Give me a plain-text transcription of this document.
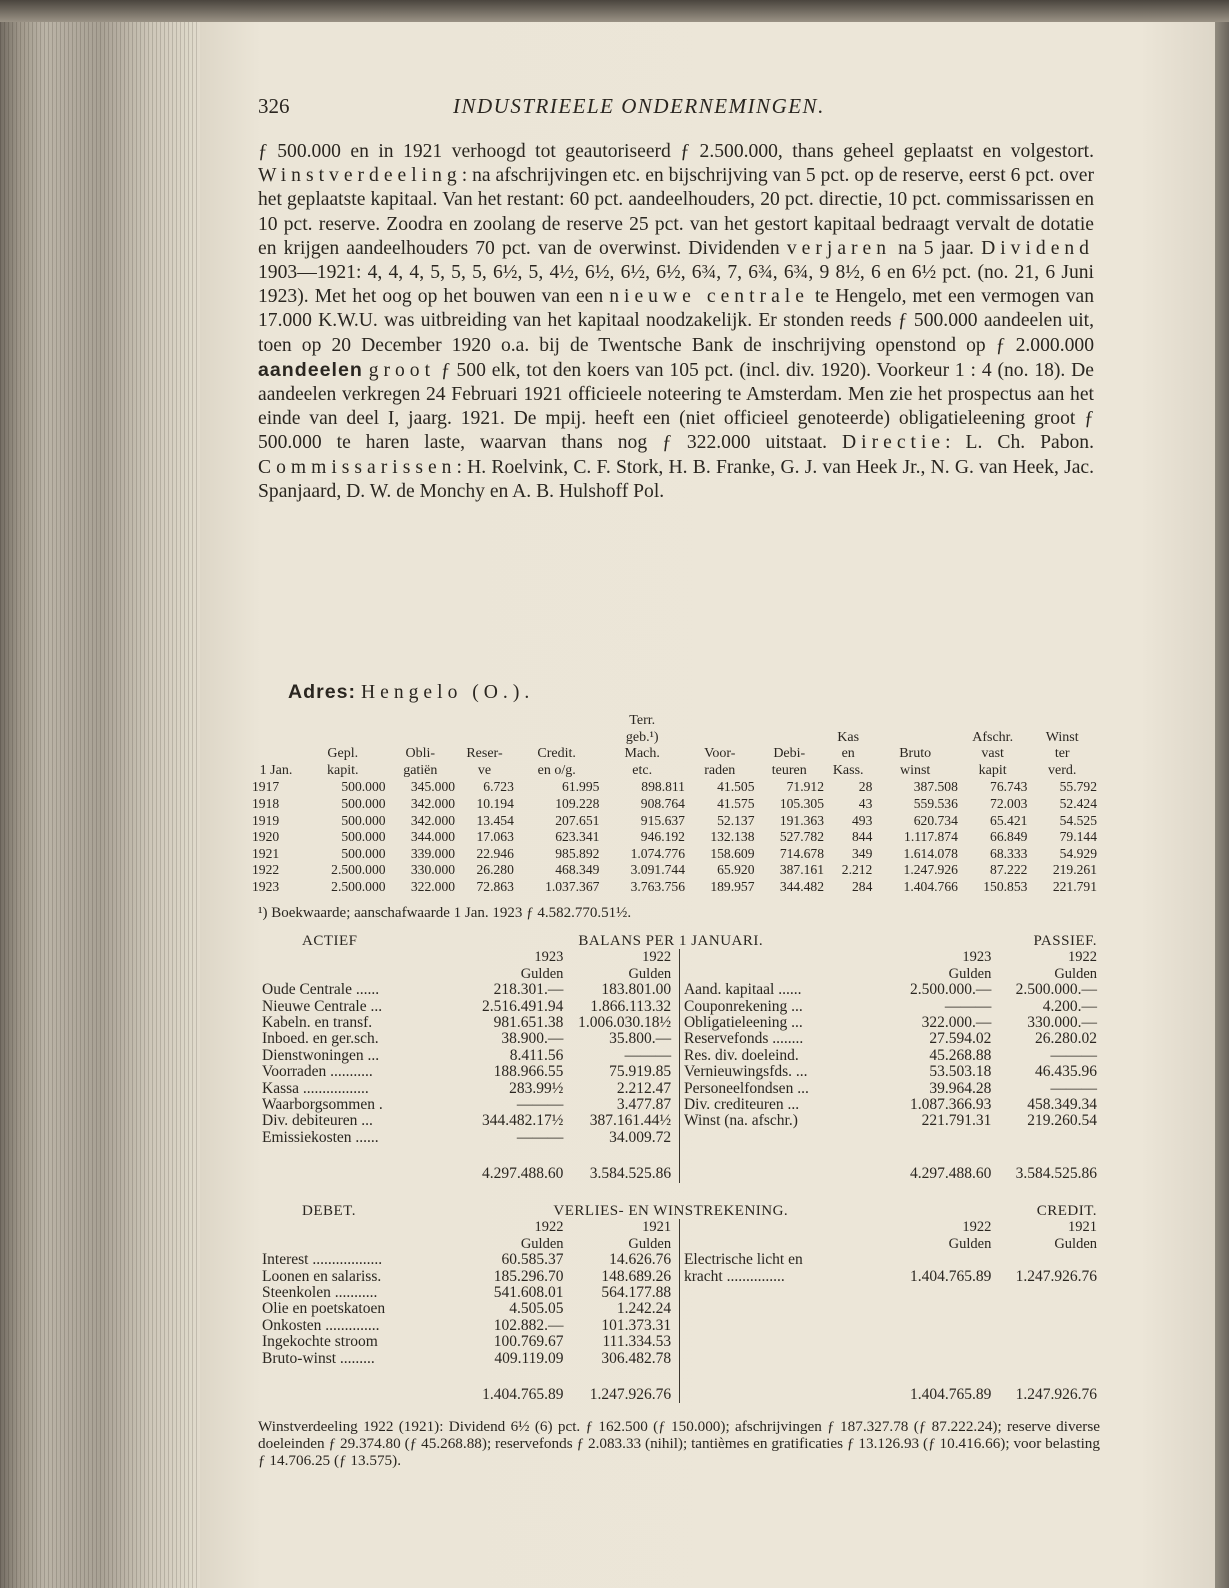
326	INDUSTRIEELE ONDERNEMINGEN.
ƒ 500.000 en in 1921 verhoogd tot geautoriseerd ƒ 2.500.000, thans geheel geplaatst en volgestort. Winstverdeeling: na afschrijvingen etc. en bijschrijving van 5 pct. op de reserve, eerst 6 pct. over het geplaatste kapitaal. Van het restant: 60 pct. aandeelhouders, 20 pct. directie, 10 pct. commissarissen en 10 pct. reserve. Zoodra en zoolang de reserve 25 pct. van het gestort kapitaal bedraagt vervalt de dotatie en krijgen aandeelhouders 70 pct. van de overwinst. Dividenden verjaren na 5 jaar. Dividend 1903—1921: 4, 4, 4, 5, 5, 5, 6½, 5, 4½, 6½, 6½, 6½, 6¾, 7, 6¾, 6¾, 9 8½, 6 en 6½ pct. (no. 21, 6 Juni 1923). Met het oog op het bouwen van een nieuwe centrale te Hengelo, met een vermogen van 17.000 K.W.U. was uitbreiding van het kapitaal noodzakelijk. Er stonden reeds ƒ 500.000 aandeelen uit, toen op 20 December 1920 o.a. bij de Twentsche Bank de inschrijving openstond op ƒ 2.000.000 aandeelen groot ƒ 500 elk, tot den koers van 105 pct. (incl. div. 1920). Voorkeur 1 : 4 (no. 18). De aandeelen verkregen 24 Februari 1921 officieele noteering te Amsterdam. Men zie het prospectus aan het einde van deel I, jaarg. 1921. De mpij. heeft een (niet officieel genoteerde) obligatieleening groot ƒ 500.000 te haren laste, waarvan thans nog ƒ 322.000 uitstaat. Directie: L. Ch. Pabon. Commissarissen: H. Roelvink, C. F. Stork, H. B. Franke, G. J. van Heek Jr., N. G. van Heek, Jac. Spanjaard, D. W. de Monchy en A. B. Hulshoff Pol.
Adres: Hengelo (O.).
					Terr.						
					geb.¹)			Kas		Afschr.	Winst
	Gepl.	Obli-	Reser-	Credit.	Mach.	Voor-	Debi-	en	Bruto	vast	ter
1 Jan.	kapit.	gatiën	ve	en o/g.	etc.	raden	teuren	Kass.	winst	kapit	verd.
1917	500.000	345.000	6.723	61.995	898.811	41.505	71.912	28	387.508	76.743	55.792
1918	500.000	342.000	10.194	109.228	908.764	41.575	105.305	43	559.536	72.003	52.424
1919	500.000	342.000	13.454	207.651	915.637	52.137	191.363	493	620.734	65.421	54.525
1920	500.000	344.000	17.063	623.341	946.192	132.138	527.782	844	1.117.874	66.849	79.144
1921	500.000	339.000	22.946	985.892	1.074.776	158.609	714.678	349	1.614.078	68.333	54.929
1922	2.500.000	330.000	26.280	468.349	3.091.744	65.920	387.161	2.212	1.247.926	87.222	219.261
1923	2.500.000	322.000	72.863	1.037.367	3.763.756	189.957	344.482	284	1.404.766	150.853	221.791
¹) Boekwaarde; aanschafwaarde 1 Jan. 1923 ƒ 4.582.770.51½.
ACTIEF	BALANS PER 1 JANUARI.				PASSIEF.	
	1923	1922			1923	1922
	Gulden	Gulden			Gulden	Gulden
Oude Centrale ......	218.301.—	183.801.00		Aand. kapitaal ......	2.500.000.—	2.500.000.—
Nieuwe Centrale ...	2.516.491.94	1.866.113.32		Couponrekening ...	———	4.200.—
Kabeln. en transf.	981.651.38	1.006.030.18½		Obligatieleening ...	322.000.—	330.000.—
Inboed. en ger.sch.	38.900.—	35.800.—		Reservefonds ........	27.594.02	26.280.02
Dienstwoningen ...	8.411.56	———		Res. div. doeleind.	45.268.88	———
Voorraden ...........	188.966.55	75.919.85		Vernieuwingsfds. ...	53.503.18	46.435.96
Kassa .................	283.99½	2.212.47		Personeelfondsen ...	39.964.28	———
Waarborgsommen .	———	3.477.87		Div. crediteuren ...	1.087.366.93	458.349.34
Div. debiteuren ...	344.482.17½	387.161.44½		Winst (na. afschr.)	221.791.31	219.260.54
Emissiekosten ......	———	34.009.72				

	4.297.488.60	3.584.525.86			4.297.488.60	3.584.525.86
DEBET.	VERLIES- EN WINSTREKENING.				CREDIT.	
	1922	1921			1922	1921
	Gulden	Gulden			Gulden	Gulden
Interest ..................	60.585.37	14.626.76		Electrische licht en		
Loonen en salariss.	185.296.70	148.689.26		kracht ...............	1.404.765.89	1.247.926.76
Steenkolen ...........	541.608.01	564.177.88				
Olie en poetskatoen	4.505.05	1.242.24				
Onkosten ..............	102.882.—	101.373.31				
Ingekochte stroom	100.769.67	111.334.53				
Bruto-winst .........	409.119.09	306.482.78				

	1.404.765.89	1.247.926.76			1.404.765.89	1.247.926.76
Winstverdeeling 1922 (1921): Dividend 6½ (6) pct. ƒ 162.500 (ƒ 150.000); afschrijvingen ƒ 187.327.78 (ƒ 87.222.24); reserve diverse doeleinden ƒ 29.374.80 (ƒ 45.268.88); reservefonds ƒ 2.083.33 (nihil); tantièmes en gratificaties ƒ 13.126.93 (ƒ 10.416.66); voor belasting ƒ 14.706.25 (ƒ 13.575).
